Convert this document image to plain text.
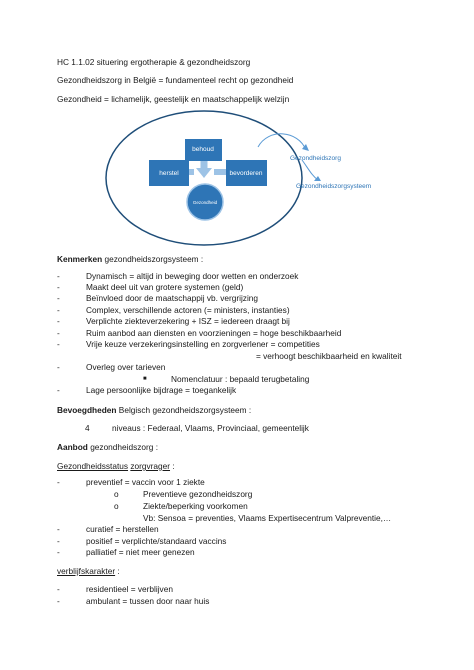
HC 1.1.02 situering ergotherapie & gezondheidszorg
Gezondheidszorg in België = fundamenteel recht op gezondheid
Gezondheid = lichamelijk, geestelijk en maatschappelijk welzijn
behoud
herstel	bevorderen
Gezondheid
Gezondheidszorg
Gezondheidszorgsysteem
Kenmerken gezondheidszorgsysteem :
-	Dynamisch = altijd in beweging door wetten en onderzoek
-	Maakt deel uit van grotere systemen (geld)
-	Beïnvloed door de maatschappij vb. vergrijzing
-	Complex, verschillende actoren (= ministers, instanties)
-	Verplichte ziekteverzekering + ISZ = iedereen draagt bij
-	Ruim aanbod aan diensten en voorzieningen = hoge beschikbaarheid
-	Vrije keuze verzekeringsinstelling en zorgverlener = competities
= verhoogt beschikbaarheid en kwaliteit
-	Overleg over tarieven
■	Nomenclatuur : bepaald terugbetaling
-	Lage persoonlijke bijdrage = toegankelijk
Bevoegdheden Belgisch gezondheidszorgsysteem :
4	niveaus : Federaal, Vlaams, Provinciaal, gemeentelijk
Aanbod gezondheidszorg :
Gezondheidsstatus zorgvrager :
-	preventief = vaccin voor 1 ziekte
o	Preventieve gezondheidszorg
o	Ziekte/beperking voorkomen
Vb: Sensoa = preventies, Vlaams Expertisecentrum Valpreventie,…
-	curatief = herstellen
-	positief = verplichte/standaard vaccins
-	palliatief = niet meer genezen
verblijfskarakter :
-	residentieel = verblijven
-	ambulant = tussen door naar huis
